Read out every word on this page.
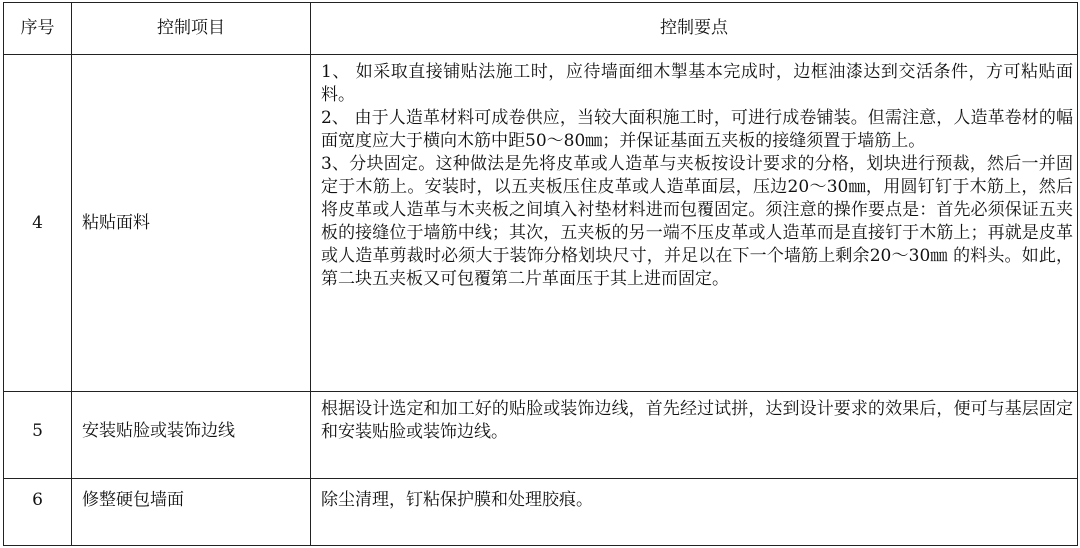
序号	控制项目	控制要点
4	粘贴面料	1、 如采取直接铺贴法施工时，应待墙面细木掣基本完成时，边框油漆达到交活条件，方可粘贴面料。

2、 由于人造革材料可成卷供应，当较大面积施工时，可进行成卷铺装。但需注意，人造革卷材的幅面宽度应大于横向木筋中距50～80㎜；并保证基面五夹板的接缝须置于墙筋上。

3、分块固定。这种做法是先将皮革或人造革与夹板按设计要求的分格，划块进行预裁，然后一并固定于木筋上。安装时，以五夹板压住皮革或人造革面层，压边20～30㎜，用圆钉钉于木筋上，然后将皮革或人造革与木夹板之间填入衬垫材料进而包覆固定。须注意的操作要点是：首先必须保证五夹板的接缝位于墙筋中线；其次，五夹板的另一端不压皮革或人造革而是直接钉于木筋上；再就是皮革或人造革剪裁时必须大于装饰分格划块尺寸，并足以在下一个墙筋上剩余20～30㎜ 的料头。如此，第二块五夹板又可包覆第二片革面压于其上进而固定。

5	安装贴脸或装饰边线	根据设计选定和加工好的贴脸或装饰边线，首先经过试拼，达到设计要求的效果后，便可与基层固定和安装贴脸或装饰边线。

6	修整硬包墙面	除尘清理，钉粘保护膜和处理胶痕。
